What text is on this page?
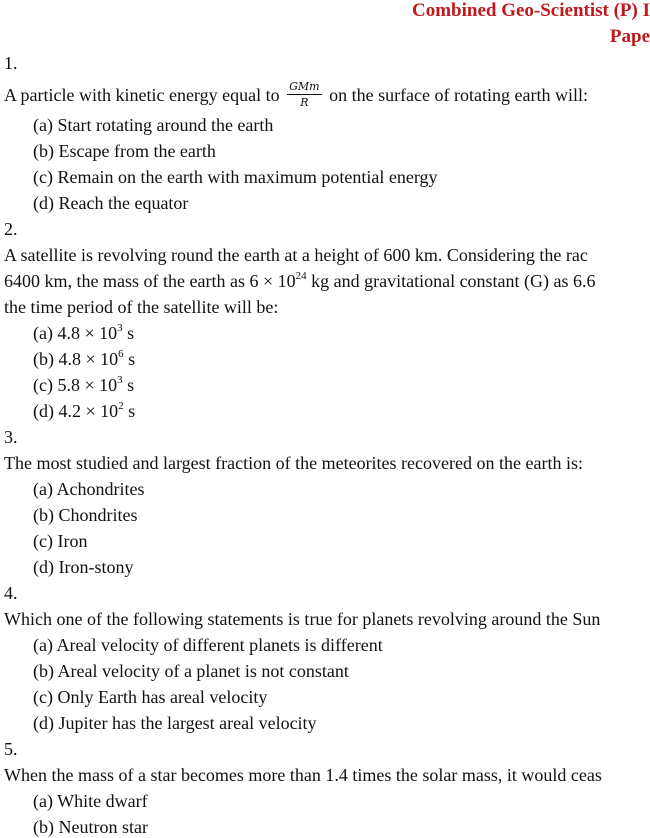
Combined Geo-Scientist (P) I
Pape
1.
A particle with kinetic energy equal to $\frac{\text{GMm}}{R}$ on the surface of rotating earth will:
(a) Start rotating around the earth
(b) Escape from the earth
(c) Remain on the earth with maximum potential energy
(d) Reach the equator
2.
A satellite is revolving round the earth at a height of 600 km. Considering the rac
6400 km, the mass of the earth as $6 \times 10^{24}$ kg and gravitational constant (G) as 6.6
the time period of the satellite will be:
(a) $4.8 \times 10^3$ s
(b) $4.8 \times 10^6$ s
(c) $5.8 \times 10^3$ s
(d) $4.2 \times 10^2$ s
3.
The most studied and largest fraction of the meteorites recovered on the earth is:
(a) Achondrites
(b) Chondrites
(c) Iron
(d) Iron-stony
4.
Which one of the following statements is true for planets revolving around the Sun
(a) Areal velocity of different planets is different
(b) Areal velocity of a planet is not constant
(c) Only Earth has areal velocity
(d) Jupiter has the largest areal velocity
5.
When the mass of a star becomes more than 1.4 times the solar mass, it would ceas
(a) White dwarf
(b) Neutron star
